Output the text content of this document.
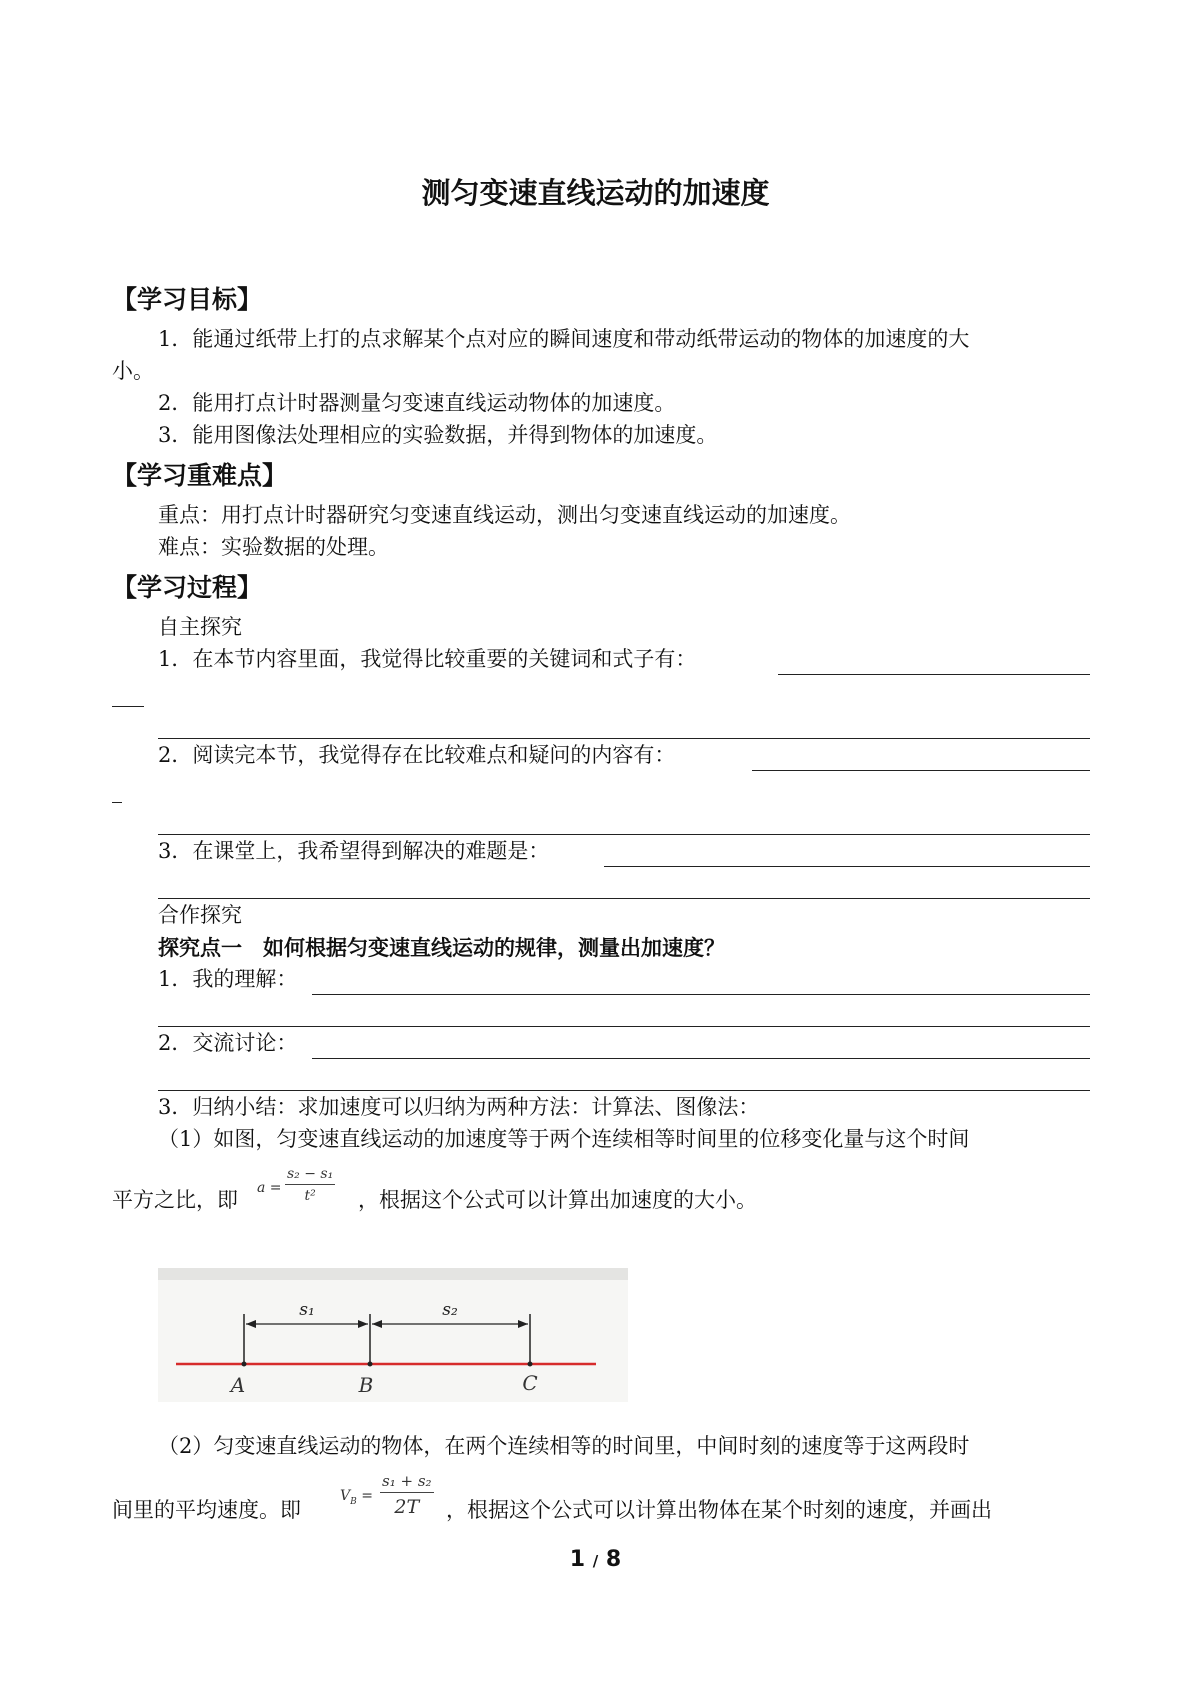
测匀变速直线运动的加速度
【学习目标】
1．能通过纸带上打的点求解某个点对应的瞬间速度和带动纸带运动的物体的加速度的大
小。
2．能用打点计时器测量匀变速直线运动物体的加速度。
3．能用图像法处理相应的实验数据，并得到物体的加速度。
【学习重难点】
重点：用打点计时器研究匀变速直线运动，测出匀变速直线运动的加速度。
难点：实验数据的处理。
【学习过程】
自主探究
1．在本节内容里面，我觉得比较重要的关键词和式子有：
2．阅读完本节，我觉得存在比较难点和疑问的内容有：
3．在课堂上，我希望得到解决的难题是：
合作探究
探究点一　如何根据匀变速直线运动的规律，测量出加速度？
1．我的理解：
2．交流讨论：
3．归纳小结：求加速度可以归纳为两种方法：计算法、图像法：
（1）如图，匀变速直线运动的加速度等于两个连续相等时间里的位移变化量与这个时间
平方之比，即 $a = \frac{\text{s₂ − s₁}}{\text{t²}}$ ，根据这个公式可以计算出加速度的大小。
s₁	s₂
A	B	C
（2）匀变速直线运动的物体，在两个连续相等的时间里，中间时刻的速度等于这两段时
间里的平均速度。即
$V_B$ =
s₁ + s₂
2T	，根据这个公式可以计算出物体在某个时刻的速度，并画出
1 / 8
